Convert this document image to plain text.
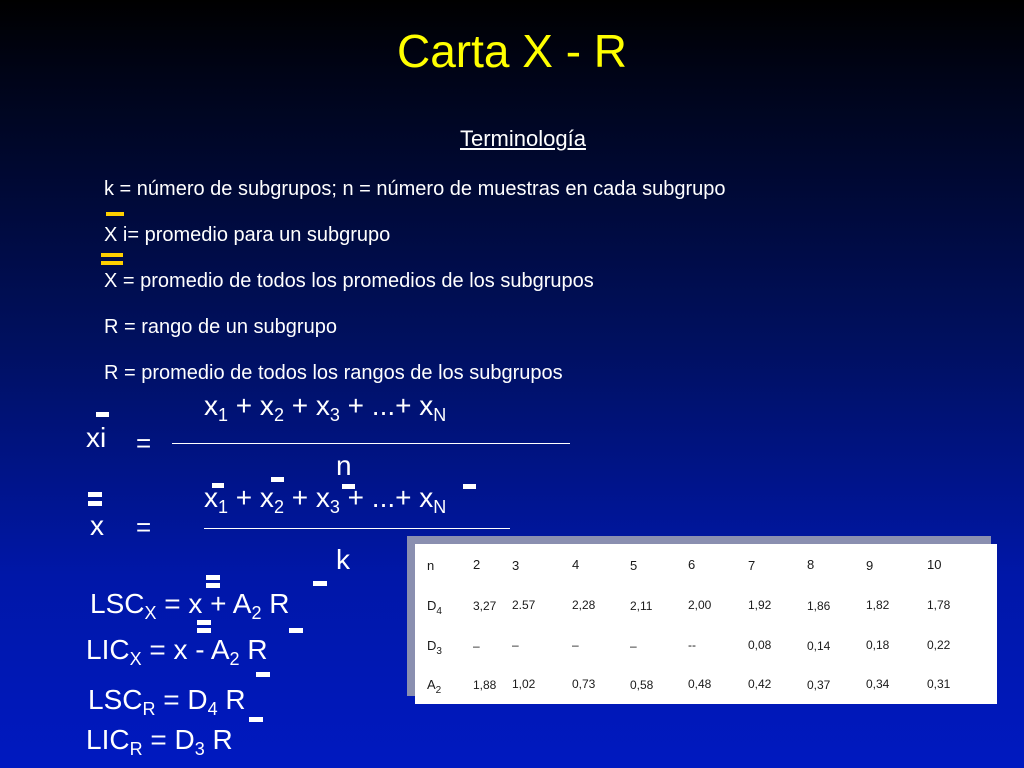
Carta X - R
Terminología
k = número de subgrupos; n = número de muestras en cada subgrupo
X i= promedio para un subgrupo
X = promedio de todos los promedios de los subgrupos
R = rango de un subgrupo
R = promedio de todos los rangos de los subgrupos
xi =
$x_1 + x_2 + x_3$ + ...+ $x_N$
n
x =
$x_1 + x_2 + x_3$ + ...+ $x_N$
k
$LSC_X = x + A_2$ R
$LIC_X = x - A_2$ R
$LSC_R = D_4$ R
$LIC_R = D_3$ R
n	2 3	4	5	6	7	8	9	10
$D_4$	3,27 2.57	2,28	2,11	2,00	1,92	1,86	1,82	1,78
$D_3$	–	–	–	–	--	0,08	0,14	0,18	0,22
$A_2$	1,88 1,02	0,73	0,58	0,48	0,42	0,37	0,34	0,31
